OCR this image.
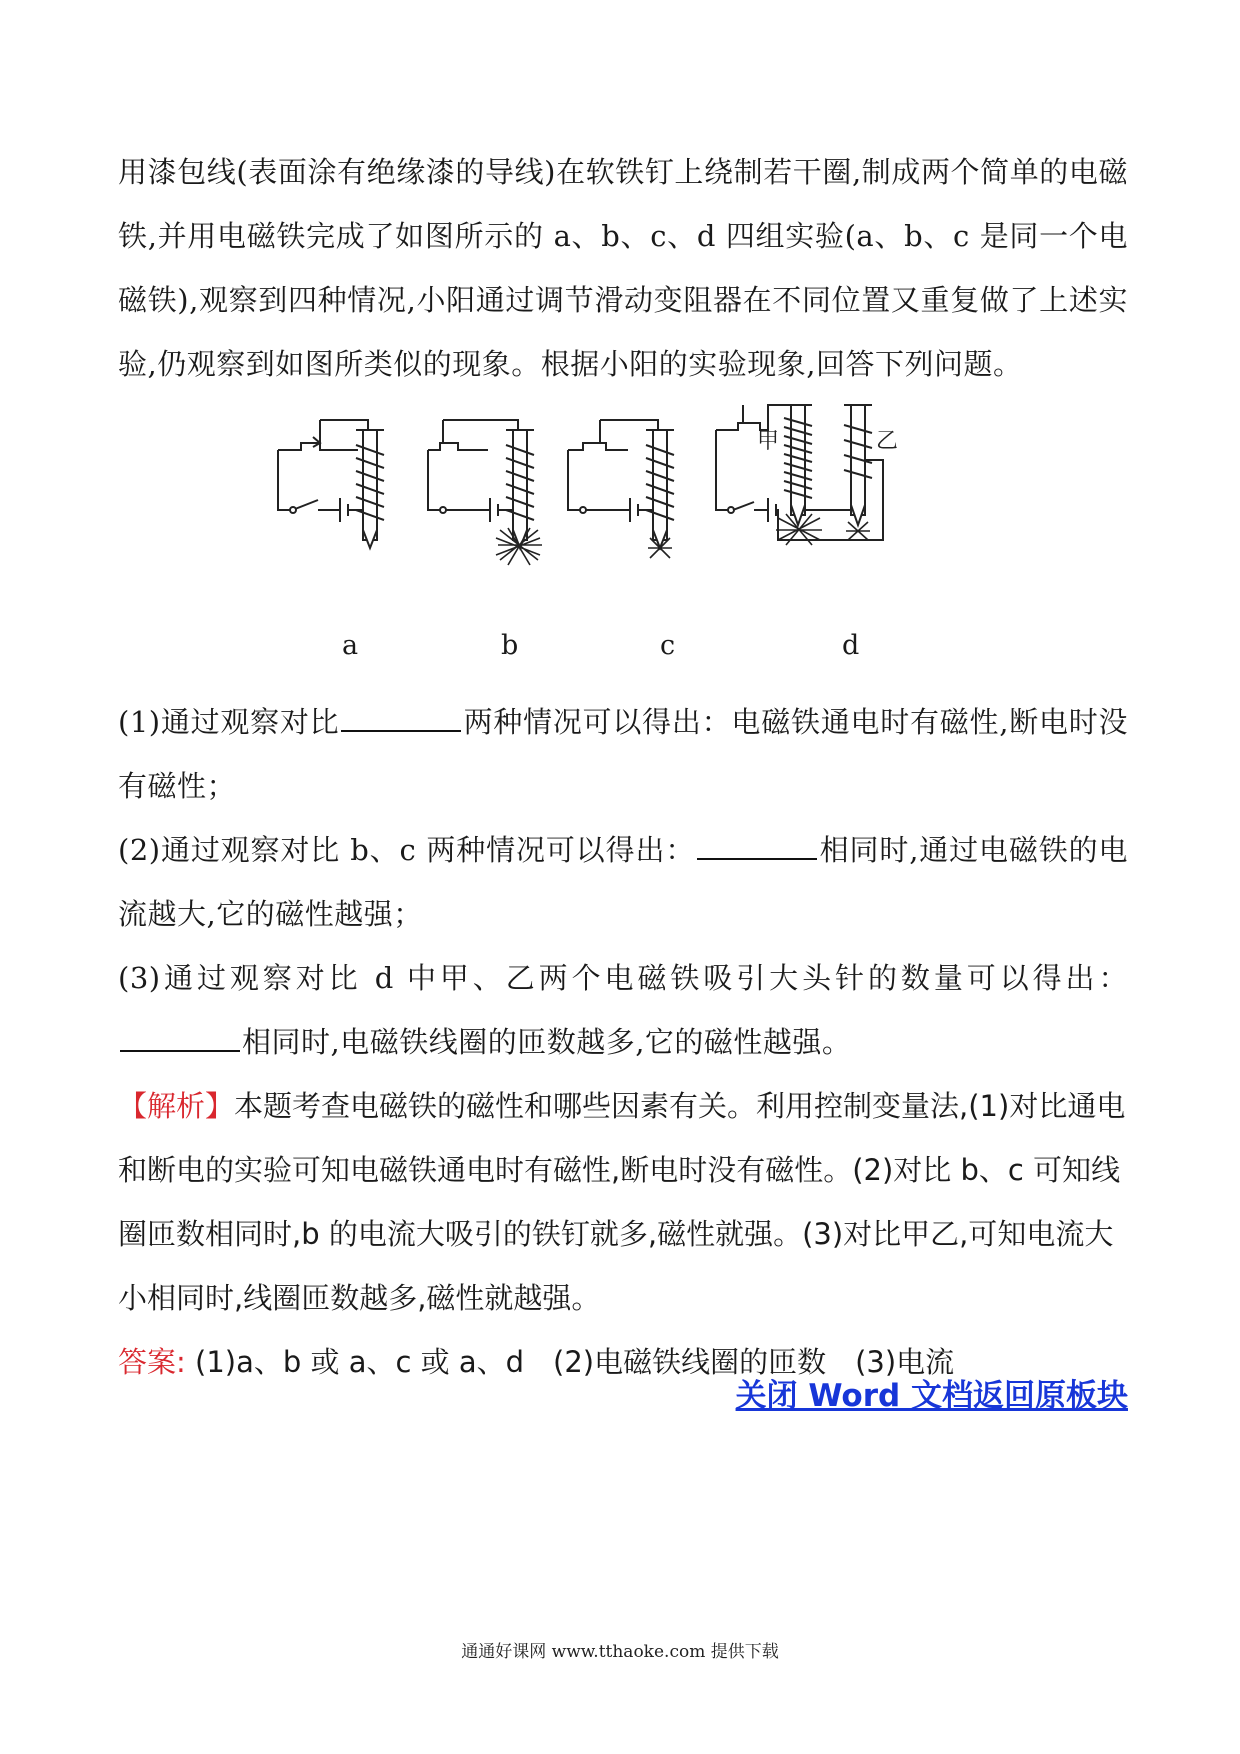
用漆包线(表面涂有绝缘漆的导线)在软铁钉上绕制若干圈,制成两个简单的电磁铁,并用电磁铁完成了如图所示的 a、b、c、d 四组实验(a、b、c 是同一个电磁铁),观察到四种情况,小阳通过调节滑动变阻器在不同位置又重复做了上述实验,仍观察到如图所类似的现象。根据小阳的实验现象,回答下列问题。

甲	乙
a	b	c	d

(1)通过观察对比	两种情况可以得出：电磁铁通电时有磁性,断电时没有磁性；

(2)通过观察对比 b、c 两种情况可以得出：	相同时,通过电磁铁的电流越大,它的磁性越强；

(3)通过观察对比 d 中甲、乙两个电磁铁吸引大头针的数量可以得出：相同时,电磁铁线圈的匝数越多,它的磁性越强。

【解析】本题考查电磁铁的磁性和哪些因素有关。利用控制变量法,(1)对比通电和断电的实验可知电磁铁通电时有磁性,断电时没有磁性。(2)对比 b、c 可知线圈匝数相同时,b 的电流大吸引的铁钉就多,磁性就强。(3)对比甲乙,可知电流大小相同时,线圈匝数越多,磁性就越强。

答案: (1)a、b 或 a、c 或 a、d　(2)电磁铁线圈的匝数　(3)电流

关闭 Word 文档返回原板块
通通好课网 www.tthaoke.com 提供下载
